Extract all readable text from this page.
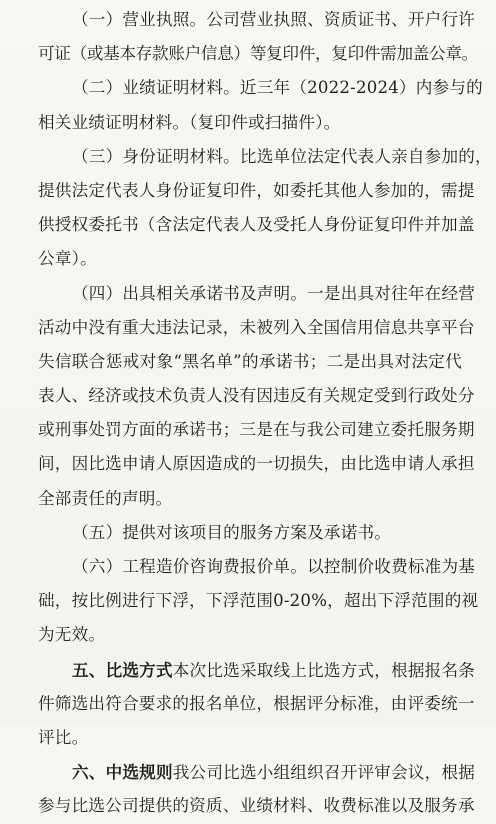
（一）营业执照。公司营业执照、资质证书、开户行许
可证（或基本存款账户信息）等复印件，复印件需加盖公章。
（二）业绩证明材料。近三年（2022-2024）内参与的
相关业绩证明材料。（复印件或扫描件）。
（三）身份证明材料。比选单位法定代表人亲自参加的，
提供法定代表人身份证复印件，如委托其他人参加的，需提
供授权委托书（含法定代表人及受托人身份证复印件并加盖
公章）。
（四）出具相关承诺书及声明。一是出具对往年在经营
活动中没有重大违法记录，未被列入全国信用信息共享平台
失信联合惩戒对象“黑名单”的承诺书；二是出具对法定代
表人、经济或技术负责人没有因违反有关规定受到行政处分
或刑事处罚方面的承诺书；三是在与我公司建立委托服务期
间，因比选申请人原因造成的一切损失，由比选申请人承担
全部责任的声明。
（五）提供对该项目的服务方案及承诺书。
（六）工程造价咨询费报价单。以控制价收费标准为基
础，按比例进行下浮，下浮范围0-20%，超出下浮范围的视
为无效。
五、比选方式本次比选采取线上比选方式，根据报名条
件筛选出符合要求的报名单位，根据评分标准，由评委统一
评比。
六、中选规则我公司比选小组组织召开评审会议，根据
参与比选公司提供的资质、业绩材料、收费标准以及服务承
